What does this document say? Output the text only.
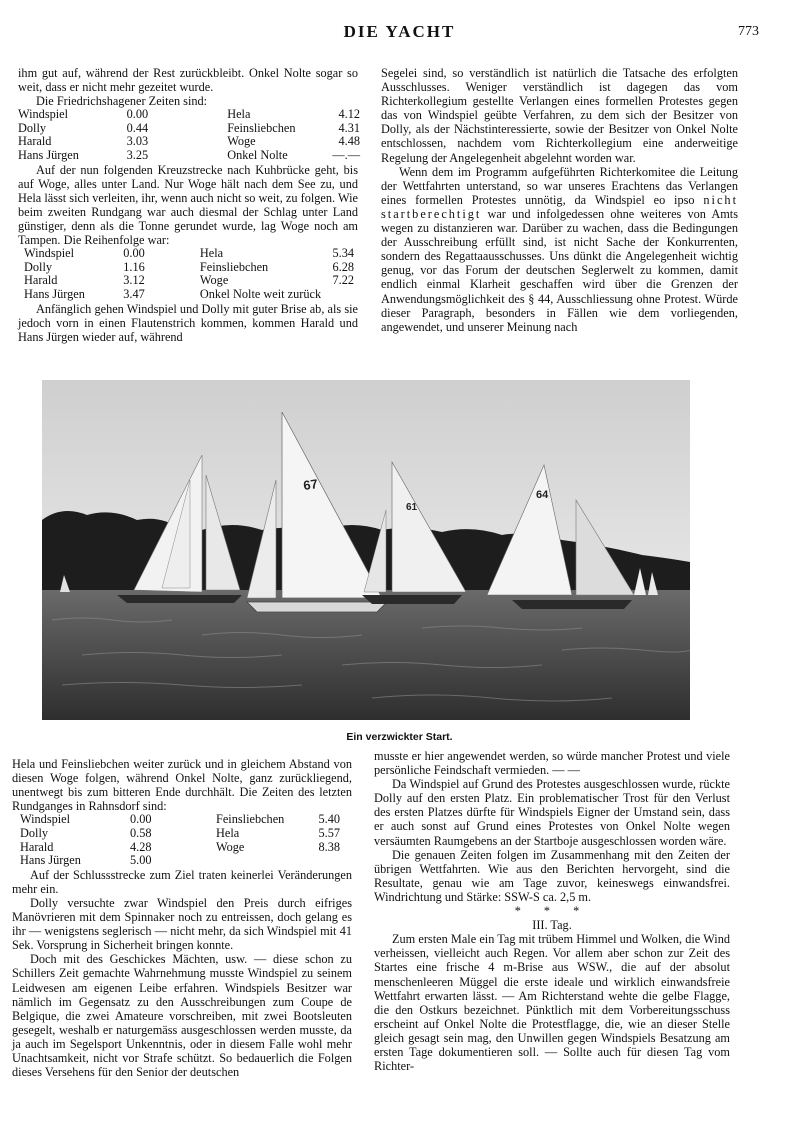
DIE YACHT	773

ihm gut auf, während der Rest zurückbleibt. Onkel Nolte sogar so weit, dass er nicht mehr gezeitet wurde.

Die Friedrichshagener Zeiten sind:

Windspiel	0.00	Hela	4.12
Dolly	0.44	Feinsliebchen	4.31
Harald	3.03	Woge	4.48
Hans Jürgen	3.25	Onkel Nolte	—.—

Auf der nun folgenden Kreuzstrecke nach Kuhbrücke geht, bis auf Woge, alles unter Land. Nur Woge hält nach dem See zu, und Hela lässt sich verleiten, ihr, wenn auch nicht so weit, zu folgen. Wie beim zweiten Rundgang war auch diesmal der Schlag unter Land günstiger, denn als die Tonne gerundet wurde, lag Woge noch am Tampen. Die Reihenfolge war:

Windspiel	0.00	Hela	5.34
Dolly	1.16	Feinsliebchen	6.28
Harald	3.12	Woge	7.22
Hans Jürgen	3.47	Onkel Nolte weit zurück	

Anfänglich gehen Windspiel und Dolly mit guter Brise ab, als sie jedoch vorn in einen Flautenstrich kommen, kommen Harald und Hans Jürgen wieder auf, während

Segelei sind, so verständlich ist natürlich die Tatsache des erfolgten Ausschlusses. Weniger verständlich ist dagegen das vom Richterkollegium gestellte Verlangen eines formellen Protestes gegen das von Windspiel geübte Verfahren, zu dem sich der Besitzer von Dolly, als der Nächstinteressierte, sowie der Besitzer von Onkel Nolte entschlossen, nachdem vom Richterkollegium eine anderweitige Regelung der Angelegenheit abgelehnt worden war.

Wenn dem im Programm aufgeführten Richterkomitee die Leitung der Wettfahrten unterstand, so war unseres Erachtens das Verlangen eines formellen Protestes unnötig, da Windspiel eo ipso nicht startberechtigt war und infolgedessen ohne weiteres von Amts wegen zu distanzieren war. Darüber zu wachen, dass die Bedingungen der Ausschreibung erfüllt sind, ist nicht Sache der Konkurrenten, sondern des Regattaausschusses. Uns dünkt die Angelegenheit wichtig genug, vor das Forum der deutschen Seglerwelt zu kommen, damit endlich einmal Klarheit geschaffen wird über die Grenzen der Anwendungsmöglichkeit des § 44, Ausschliessung ohne Protest. Würde dieser Paragraph, besonders in Fällen wie dem vorliegenden, angewendet, und unserer Meinung nach

67
61
64
Ein verzwickter Start.

Hela und Feinsliebchen weiter zurück und in gleichem Abstand von diesen Woge folgen, während Onkel Nolte, ganz zurückliegend, unentwegt bis zum bitteren Ende durchhält. Die Zeiten des letzten Rundganges in Rahnsdorf sind:

Windspiel	0.00	Feinsliebchen	5.40
Dolly	0.58	Hela	5.57
Harald	4.28	Woge	8.38
Hans Jürgen	5.00		

Auf der Schlussstrecke zum Ziel traten keinerlei Veränderungen mehr ein.

Dolly versuchte zwar Windspiel den Preis durch eifriges Manövrieren mit dem Spinnaker noch zu entreissen, doch gelang es ihr — wenigstens seglerisch — nicht mehr, da sich Windspiel mit 41 Sek. Vorsprung in Sicherheit bringen konnte.

Doch mit des Geschickes Mächten, usw. — diese schon zu Schillers Zeit gemachte Wahrnehmung musste Windspiel zu seinem Leidwesen am eigenen Leibe erfahren. Windspiels Besitzer war nämlich im Gegensatz zu den Ausschreibungen zum Coupe de Belgique, die zwei Amateure vorschreiben, mit zwei Bootsleuten gesegelt, weshalb er naturgemäss ausgeschlossen werden musste, da ja auch im Segelsport Unkenntnis, oder in diesem Falle wohl mehr Unachtsamkeit, nicht vor Strafe schützt. So bedauerlich die Folgen dieses Versehens für den Senior der deutschen

musste er hier angewendet werden, so würde mancher Protest und viele persönliche Feindschaft vermieden. — —

Da Windspiel auf Grund des Protestes ausgeschlossen wurde, rückte Dolly auf den ersten Platz. Ein problematischer Trost für den Verlust des ersten Platzes dürfte für Windspiels Eigner der Umstand sein, dass er auch sonst auf Grund eines Protestes von Onkel Nolte wegen versäumten Raumgebens an der Startboje ausgeschlossen worden wäre.

Die genauen Zeiten folgen im Zusammenhang mit den Zeiten der übrigen Wettfahrten. Wie aus den Berichten hervorgeht, sind die Resultate, genau wie am Tage zuvor, keineswegs einwandsfrei. Windrichtung und Stärke: SSW-S ca. 2,5 m.

* * *

III. Tag.

Zum ersten Male ein Tag mit trübem Himmel und Wolken, die Wind verheissen, vielleicht auch Regen. Vor allem aber schon zur Zeit des Startes eine frische 4 m-Brise aus WSW., die auf der absolut menschenleeren Müggel die erste ideale und wirklich einwandsfreie Wettfahrt erwarten lässt. — Am Richterstand wehte die gelbe Flagge, die den Ostkurs bezeichnet. Pünktlich mit dem Vorbereitungsschuss erscheint auf Onkel Nolte die Protestflagge, die, wie an dieser Stelle gleich gesagt sein mag, den Unwillen gegen Windspiels Besatzung am ersten Tage dokumentieren soll. — Sollte auch für diesen Tag vom Richter-
